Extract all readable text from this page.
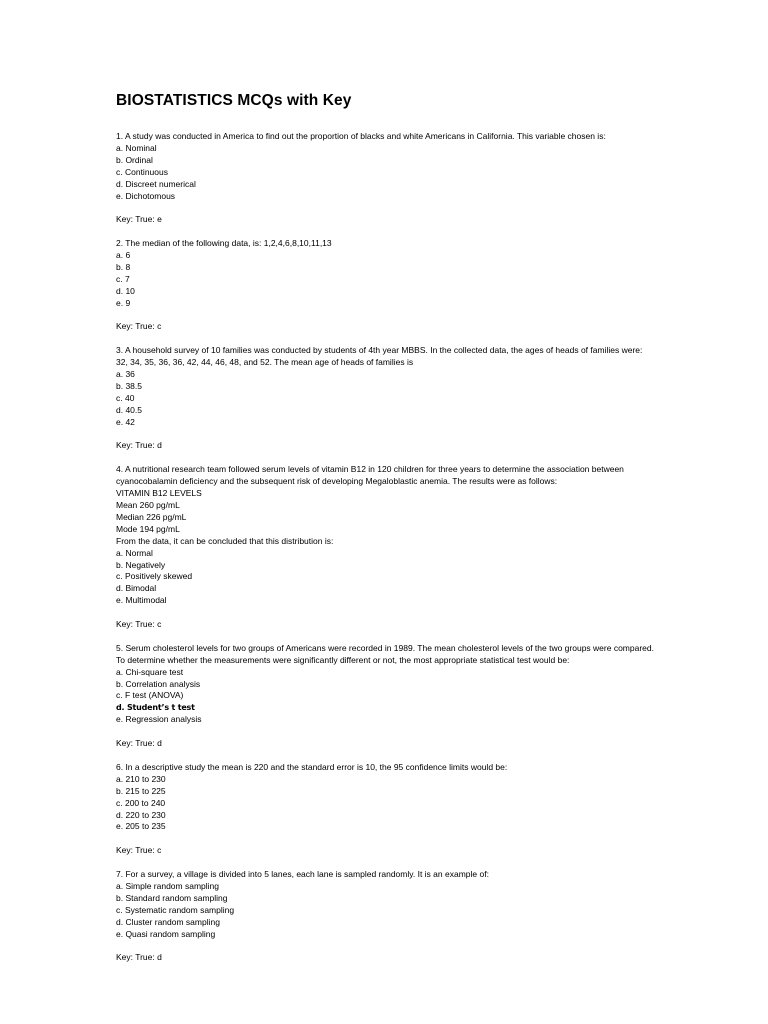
BIOSTATISTICS MCQs with Key
1. A study was conducted in America to find out the proportion of blacks and white Americans in California. This variable chosen is:
a. Nominal
b. Ordinal
c. Continuous
d. Discreet numerical
e. Dichotomous
Key: True: e
2. The median of the following data, is: 1,2,4,6,8,10,11,13
a. 6
b. 8
c. 7
d. 10
e. 9
Key: True: c
3. A household survey of 10 families was conducted by students of 4th year MBBS. In the collected data, the ages of heads of families were: 32, 34, 35, 36, 36, 42, 44, 46, 48, and 52. The mean age of heads of families is
a. 36
b. 38.5
c. 40
d. 40.5
e. 42
Key: True: d
4. A nutritional research team followed serum levels of vitamin B12 in 120 children for three years to determine the association between cyanocobalamin deficiency and the subsequent risk of developing Megaloblastic anemia. The results were as follows:
VITAMIN B12 LEVELS
Mean 260 pg/mL
Median 226 pg/mL
Mode 194 pg/mL
From the data, it can be concluded that this distribution is:
a. Normal
b. Negatively
c. Positively skewed
d. Bimodal
e. Multimodal
Key: True: c
5. Serum cholesterol levels for two groups of Americans were recorded in 1989. The mean cholesterol levels of the two groups were compared. To determine whether the measurements were significantly different or not, the most appropriate statistical test would be:
a. Chi-square test
b. Correlation analysis
c. F test (ANOVA)
d. Student’s t test
e. Regression analysis
Key: True: d
6. In a descriptive study the mean is 220 and the standard error is 10, the 95 confidence limits would be:
a. 210 to 230
b. 215 to 225
c. 200 to 240
d. 220 to 230
e. 205 to 235
Key: True: c
7. For a survey, a village is divided into 5 lanes, each lane is sampled randomly. It is an example of:
a. Simple random sampling
b. Standard random sampling
c. Systematic random sampling
d. Cluster random sampling
e. Quasi random sampling
Key: True: d
